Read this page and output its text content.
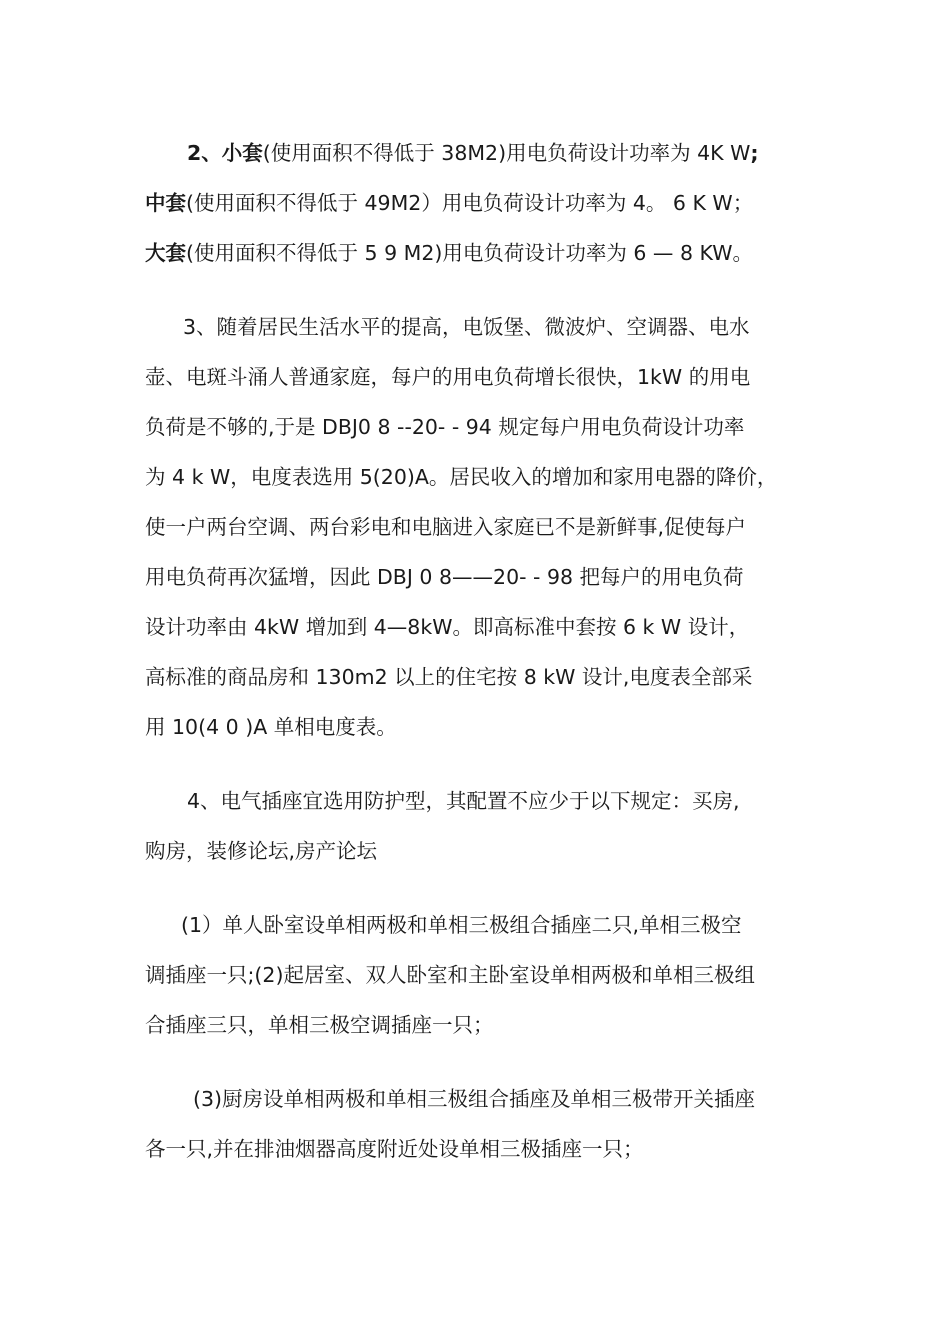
2、小套(使用面积不得低于 38M2)用电负荷设计功率为 4K W;
中套(使用面积不得低于 49M2）用电负荷设计功率为 4。 6 K W；
大套(使用面积不得低于 5 9 M2)用电负荷设计功率为 6 — 8 KW。
3、随着居民生活水平的提高，电饭堡、微波炉、空调器、电水
壶、电斑斗涌人普通家庭，每户的用电负荷增长很快，1kW 的用电
负荷是不够的,于是 DBJ0 8 --20- - 94 规定每户用电负荷设计功率
为 4 k W，电度表选用 5(20)A。居民收入的增加和家用电器的降价，
使一户两台空调、两台彩电和电脑进入家庭已不是新鲜事,促使每户
用电负荷再次猛增，因此 DBJ 0 8——20- - 98 把每户的用电负荷
设计功率由 4kW 增加到 4—8kW。即高标准中套按 6 k W 设计，
高标准的商品房和 130m2 以上的住宅按 8 kW 设计,电度表全部采
用 10(4 0 )A 单相电度表。
4、电气插座宜选用防护型，其配置不应少于以下规定：买房,
购房，装修论坛,房产论坛
(1）单人卧室设单相两极和单相三极组合插座二只,单相三极空
调插座一只;(2)起居室、双人卧室和主卧室设单相两极和单相三极组
合插座三只，单相三极空调插座一只；
(3)厨房设单相两极和单相三极组合插座及单相三极带开关插座
各一只,并在排油烟器高度附近处设单相三极插座一只；
